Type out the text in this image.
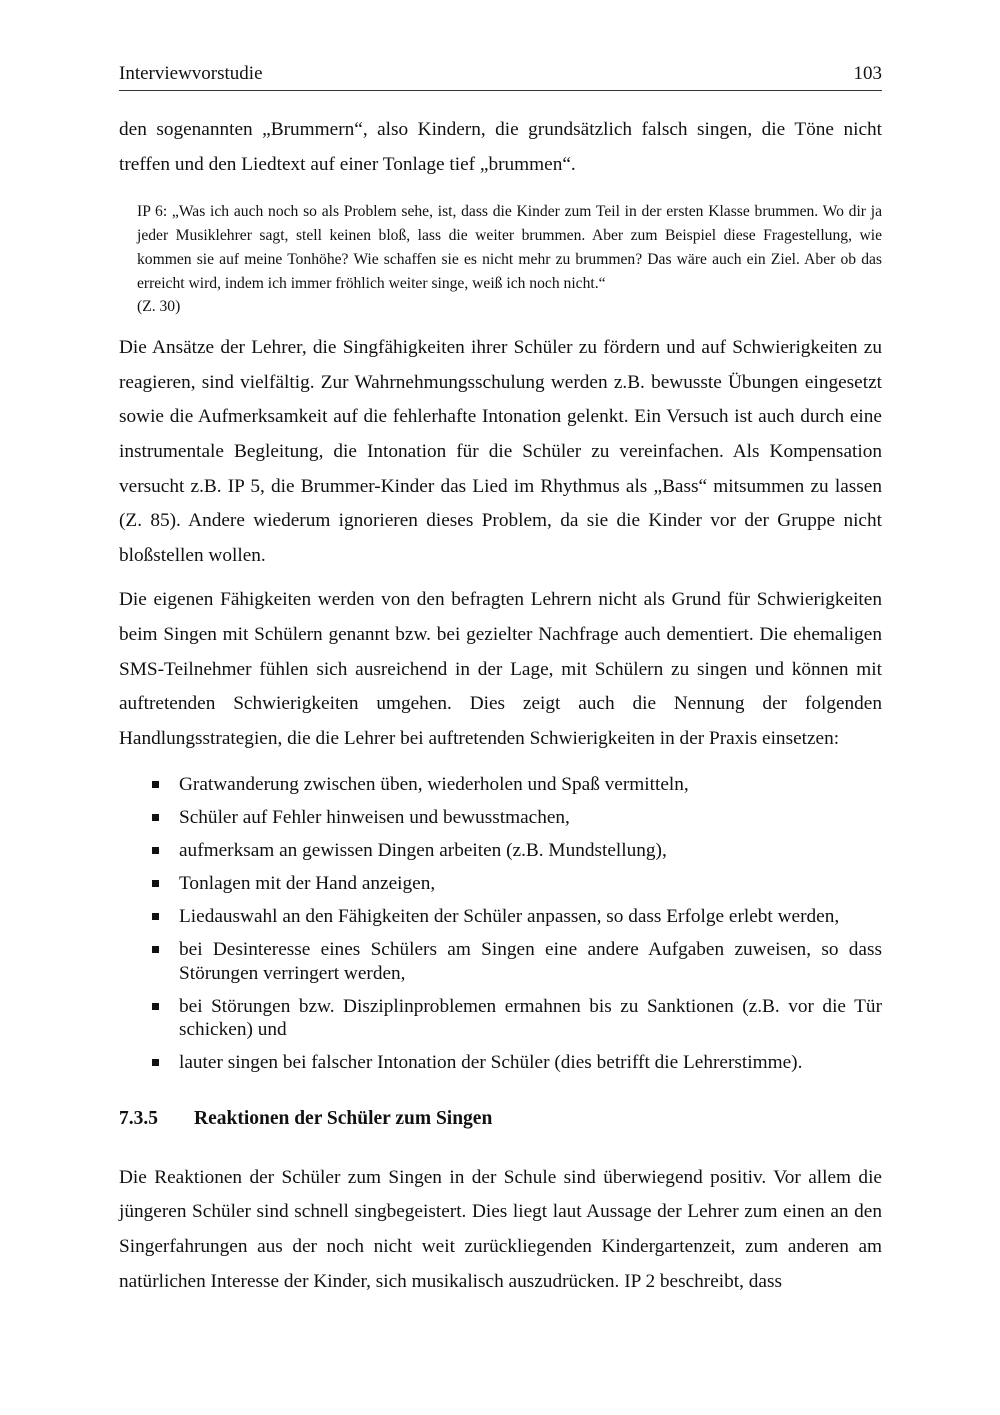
Interviewvorstudie	103

den sogenannten „Brummern“, also Kindern, die grundsätzlich falsch singen, die Töne nicht treffen und den Liedtext auf einer Tonlage tief „brummen“.

IP 6: „Was ich auch noch so als Problem sehe, ist, dass die Kinder zum Teil in der ersten Klasse brummen. Wo dir ja jeder Musiklehrer sagt, stell keinen bloß, lass die weiter brummen. Aber zum Beispiel diese Fragestellung, wie kommen sie auf meine Tonhöhe? Wie schaffen sie es nicht mehr zu brummen? Das wäre auch ein Ziel. Aber ob das erreicht wird, indem ich immer fröhlich weiter singe, weiß ich noch nicht.“

(Z. 30)

Die Ansätze der Lehrer, die Singfähigkeiten ihrer Schüler zu fördern und auf Schwierigkeiten zu reagieren, sind vielfältig. Zur Wahrnehmungsschulung werden z.B. bewusste Übungen eingesetzt sowie die Aufmerksamkeit auf die fehlerhafte Intonation gelenkt. Ein Versuch ist auch durch eine instrumentale Begleitung, die Intonation für die Schüler zu vereinfachen. Als Kompensation versucht z.B. IP 5, die Brummer-Kinder das Lied im Rhythmus als „Bass“ mitsummen zu lassen (Z. 85). Andere wiederum ignorieren dieses Problem, da sie die Kinder vor der Gruppe nicht bloßstellen wollen.

Die eigenen Fähigkeiten werden von den befragten Lehrern nicht als Grund für Schwierigkeiten beim Singen mit Schülern genannt bzw. bei gezielter Nachfrage auch dementiert. Die ehemaligen SMS-Teilnehmer fühlen sich ausreichend in der Lage, mit Schülern zu singen und können mit auftretenden Schwierigkeiten umgehen. Dies zeigt auch die Nennung der folgenden Handlungsstrategien, die die Lehrer bei auftretenden Schwierigkeiten in der Praxis einsetzen:

Gratwanderung zwischen üben, wiederholen und Spaß vermitteln,
Schüler auf Fehler hinweisen und bewusstmachen,
aufmerksam an gewissen Dingen arbeiten (z.B. Mundstellung),
Tonlagen mit der Hand anzeigen,
Liedauswahl an den Fähigkeiten der Schüler anpassen, so dass Erfolge erlebt werden,
bei Desinteresse eines Schülers am Singen eine andere Aufgaben zuweisen, so dass Störungen verringert werden,
bei Störungen bzw. Disziplinproblemen ermahnen bis zu Sanktionen (z.B. vor die Tür schicken) und
lauter singen bei falscher Intonation der Schüler (dies betrifft die Lehrerstimme).
7.3.5	Reaktionen der Schüler zum Singen

Die Reaktionen der Schüler zum Singen in der Schule sind überwiegend positiv. Vor allem die jüngeren Schüler sind schnell singbegeistert. Dies liegt laut Aussage der Lehrer zum einen an den Singerfahrungen aus der noch nicht weit zurückliegenden Kindergartenzeit, zum anderen am natürlichen Interesse der Kinder, sich musikalisch auszudrücken. IP 2 beschreibt, dass
